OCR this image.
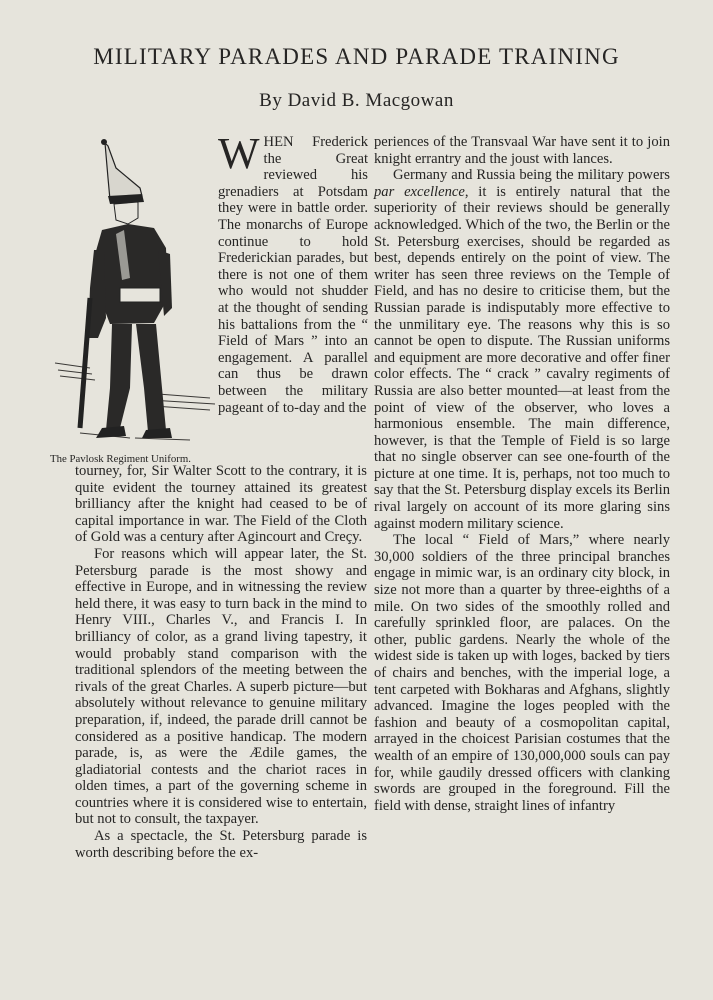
MILITARY PARADES AND PARADE TRAINING
By David B. Macgowan

WHEN Frederick the Great reviewed his grenadiers at Potsdam they were in battle order. The monarchs of Europe continue to hold Frederickian parades, but there is not one of them who would not shudder at the thought of sending his battalions from the “ Field of Mars ” into an engagement. A parallel can thus be drawn between the military pageant of to-day and the

The Pavlosk Regiment Uniform.

tourney, for, Sir Walter Scott to the contrary, it is quite evident the tourney attained its greatest brilliancy after the knight had ceased to be of capital importance in war. The Field of the Cloth of Gold was a century after Agincourt and Creçy.

For reasons which will appear later, the St. Petersburg parade is the most showy and effective in Europe, and in witnessing the review held there, it was easy to turn back in the mind to Henry VIII., Charles V., and Francis I. In brilliancy of color, as a grand living tapestry, it would probably stand comparison with the traditional splendors of the meeting between the rivals of the great Charles. A superb picture—but absolutely without relevance to genuine military preparation, if, indeed, the parade drill cannot be considered as a positive handicap. The modern parade, is, as were the Ædile games, the gladiatorial contests and the chariot races in olden times, a part of the governing scheme in countries where it is considered wise to entertain, but not to consult, the taxpayer.

As a spectacle, the St. Petersburg parade is worth describing before the ex-

periences of the Transvaal War have sent it to join knight errantry and the joust with lances.

Germany and Russia being the military powers par excellence, it is entirely natural that the superiority of their reviews should be generally acknowledged. Which of the two, the Berlin or the St. Petersburg exercises, should be regarded as best, depends entirely on the point of view. The writer has seen three reviews on the Temple of Field, and has no desire to criticise them, but the Russian parade is indisputably more effective to the unmilitary eye. The reasons why this is so cannot be open to dispute. The Russian uniforms and equipment are more decorative and offer finer color effects. The “ crack ” cavalry regiments of Russia are also better mounted—at least from the point of view of the observer, who loves a harmonious ensemble. The main difference, however, is that the Temple of Field is so large that no single observer can see one-fourth of the picture at one time. It is, perhaps, not too much to say that the St. Petersburg display excels its Berlin rival largely on account of its more glaring sins against modern military science.

The local “ Field of Mars,” where nearly 30,000 soldiers of the three principal branches engage in mimic war, is an ordinary city block, in size not more than a quarter by three-eighths of a mile. On two sides of the smoothly rolled and carefully sprinkled floor, are palaces. On the other, public gardens. Nearly the whole of the widest side is taken up with loges, backed by tiers of chairs and benches, with the imperial loge, a tent carpeted with Bokharas and Afghans, slightly advanced. Imagine the loges peopled with the fashion and beauty of a cosmopolitan capital, arrayed in the choicest Parisian costumes that the wealth of an empire of 130,000,000 souls can pay for, while gaudily dressed officers with clanking swords are grouped in the foreground. Fill the field with dense, straight lines of infantry
